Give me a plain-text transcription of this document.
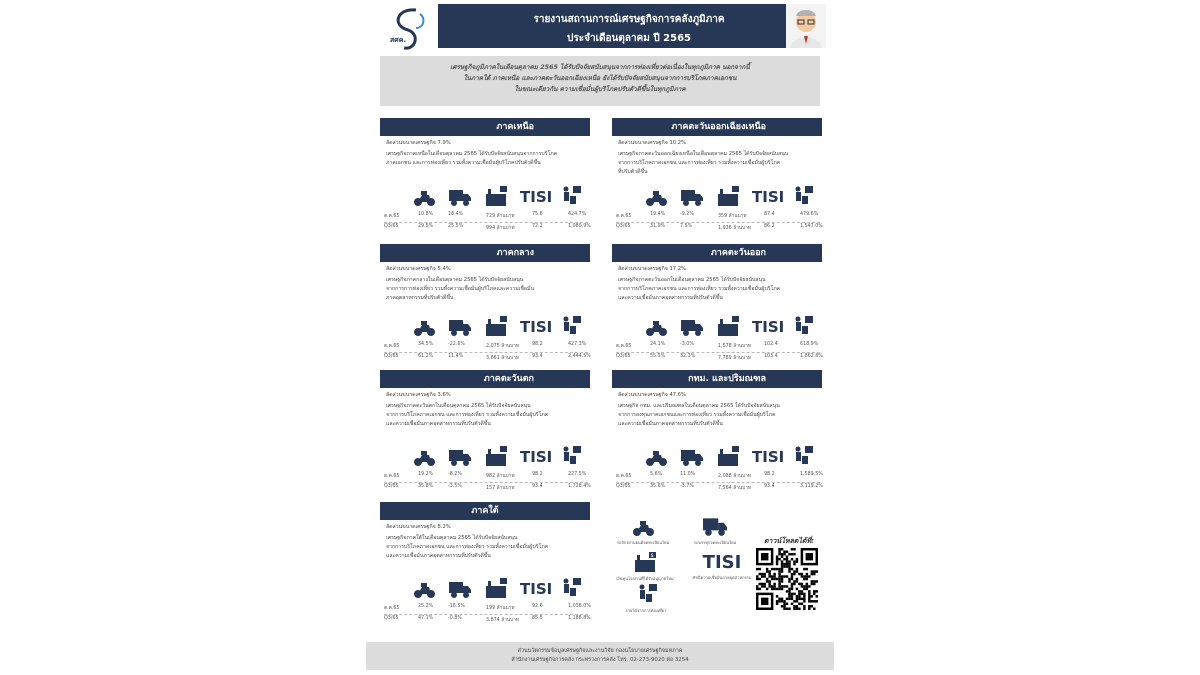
สศค.
รายงานสถานการณ์เศรษฐกิจการคลังภูมิภาค
ประจำเดือนตุลาคม ปี 2565
เศรษฐกิจภูมิภาคในเดือนตุลาคม 2565 ได้รับปัจจัยสนับสนุนจากการท่องเที่ยวต่อเนื่องในทุกภูมิภาค นอกจากนี้
ในภาคใต้ ภาคเหนือ และภาคตะวันออกเฉียงเหนือ ยังได้รับปัจจัยสนับสนุนจากการบริโภคภาคเอกชน
ในขณะเดียวกัน ความเชื่อมั่นผู้บริโภคปรับตัวดีขึ้นในทุกภูมิภาค
ภาคเหนือ
สัดส่วนขนาดเศรษฐกิจ 7.9%
เศรษฐกิจภาคเหนือในเดือนตุลาคม 2565 ได้รับปัจจัยสนับสนุนจากการบริโภค
ภาคเอกชน และการท่องเที่ยว รวมทั้งความเชื่อมั่นผู้บริโภคปรับตัวดีขึ้น
TISI
ต.ค.65	10.8%	18.4%	729 ล้านบาท	75.8	424.7%
Q3/65	29.5%	25.5%	994 ล้านบาท	72.2	1,080.9%
ภาคตะวันออกเฉียงเหนือ
สัดส่วนขนาดเศรษฐกิจ 10.2%
เศรษฐกิจภาคตะวันออกเฉียงเหนือในเดือนตุลาคม 2565 ได้รับปัจจัยสนับสนุน
จากการบริโภคภาคเอกชน และการท่องเที่ยว รวมทั้งความเชื่อมั่นผู้บริโภค
ที่ปรับตัวดีขึ้น
TISI
ต.ค.65	19.4%	-9.2%	359 ล้านบาท	87.4	479.6%
Q3/65	31.9%	7.5%	1,936 ล้านบาท	86.2	1,547.0%
ภาคกลาง
สัดส่วนขนาดเศรษฐกิจ 5.4%
เศรษฐกิจภาคกลางในเดือนตุลาคม 2565 ได้รับปัจจัยสนับสนุน
จากการการท่องเที่ยว รวมทั้งความเชื่อมั่นผู้บริโภคและความเชื่อมั่น
ภาคอุตสาหกรรมที่ปรับตัวดีขึ้น
TISI
ต.ค.65	34.5%	-22.6%	2,075 ล้านบาท	98.2	427.3%
Q3/65	61.2%	11.4%	3,661 ล้านบาท	93.4	2,444.5%
ภาคตะวันออก
สัดส่วนขนาดเศรษฐกิจ 17.2%
เศรษฐกิจภาคตะวันออกในเดือนตุลาคม 2565 ได้รับปัจจัยสนับสนุน
จากการบริโภคภาคเอกชน และการท่องเที่ยว รวมทั้งความเชื่อมั่นผู้บริโภค
และความเชื่อมั่นภาคอุตสาหกรรมที่ปรับตัวดีขึ้น
TISI
ต.ค.65	24.1%	-3.0%	1,578 ล้านบาท	102.4	618.9%
Q3/65	55.5%	32.3%	7,789 ล้านบาท	103.4	1,862.8%
ภาคตะวันตก
สัดส่วนขนาดเศรษฐกิจ 3.6%
เศรษฐกิจภาคตะวันตกในเดือนตุลาคม 2565 ได้รับปัจจัยสนับสนุน
จากการบริโภคภาคเอกชน และการท่องเที่ยว รวมทั้งความเชื่อมั่นผู้บริโภค
และความเชื่อมั่นภาคอุตสาหกรรมที่ปรับตัวดีขึ้น
TISI
ต.ค.65	19.2%	-8.2%	982 ล้านบาท	98.2	227.5%
Q3/65	35.8%	-3.5%	157 ล้านบาท	93.4	1,728.4%
กทม. และปริมณฑล
สัดส่วนขนาดเศรษฐกิจ 47.6%
เศรษฐกิจ กทม. และปริมณฑลในเดือนตุลาคม 2565 ได้รับปัจจัยสนับสนุน
จากการลงทุนภาคเอกชนและการท่องเที่ยว รวมทั้งความเชื่อมั่นผู้บริโภค
และความเชื่อมั่นภาคอุตสาหกรรมที่ปรับตัวดีขึ้น
TISI
ต.ค.65	5.6%	11.0%	2,088 ล้านบาท	98.2	1,589.5%
Q3/65	35.6%	-3.7%	7,564 ล้านบาท	93.4	3,119.2%
ภาคใต้
สัดส่วนขนาดเศรษฐกิจ 8.2%
เศรษฐกิจภาคใต้ในเดือนตุลาคม 2565 ได้รับปัจจัยสนับสนุน
จากการบริโภคภาคเอกชน และการท่องเที่ยว รวมทั้งความเชื่อมั่นผู้บริโภค
และความเชื่อมั่นภาคอุตสาหกรรมที่ปรับตัวดีขึ้น
TISI
ต.ค.65	25.2%	-16.5%	199 ล้านบาท	92.6	1,038.0%
Q3/65	47.1%	-0.8%	3,874 ล้านบาท	85.5	1,188.8%
รถจักรยานยนต์จดทะเบียนใหม่	รถบรรทุกจดทะเบียนใหม่
$
เงินทุนโรงงานที่ได้รับอนุญาตใหม่
TISI
ดัชนีความเชื่อมั่นภาคอุตสาหกรรม
รายได้จากการท่องเที่ยว
ดาวน์โหลดได้ที่:
ส่วนนวัตกรรมข้อมูลเศรษฐกิจและงานวิจัย กองนโยบายเศรษฐกิจมหภาค
สำนักงานเศรษฐกิจการคลัง กระทรวงการคลัง โทร. 02-273-9020 ต่อ 3254
